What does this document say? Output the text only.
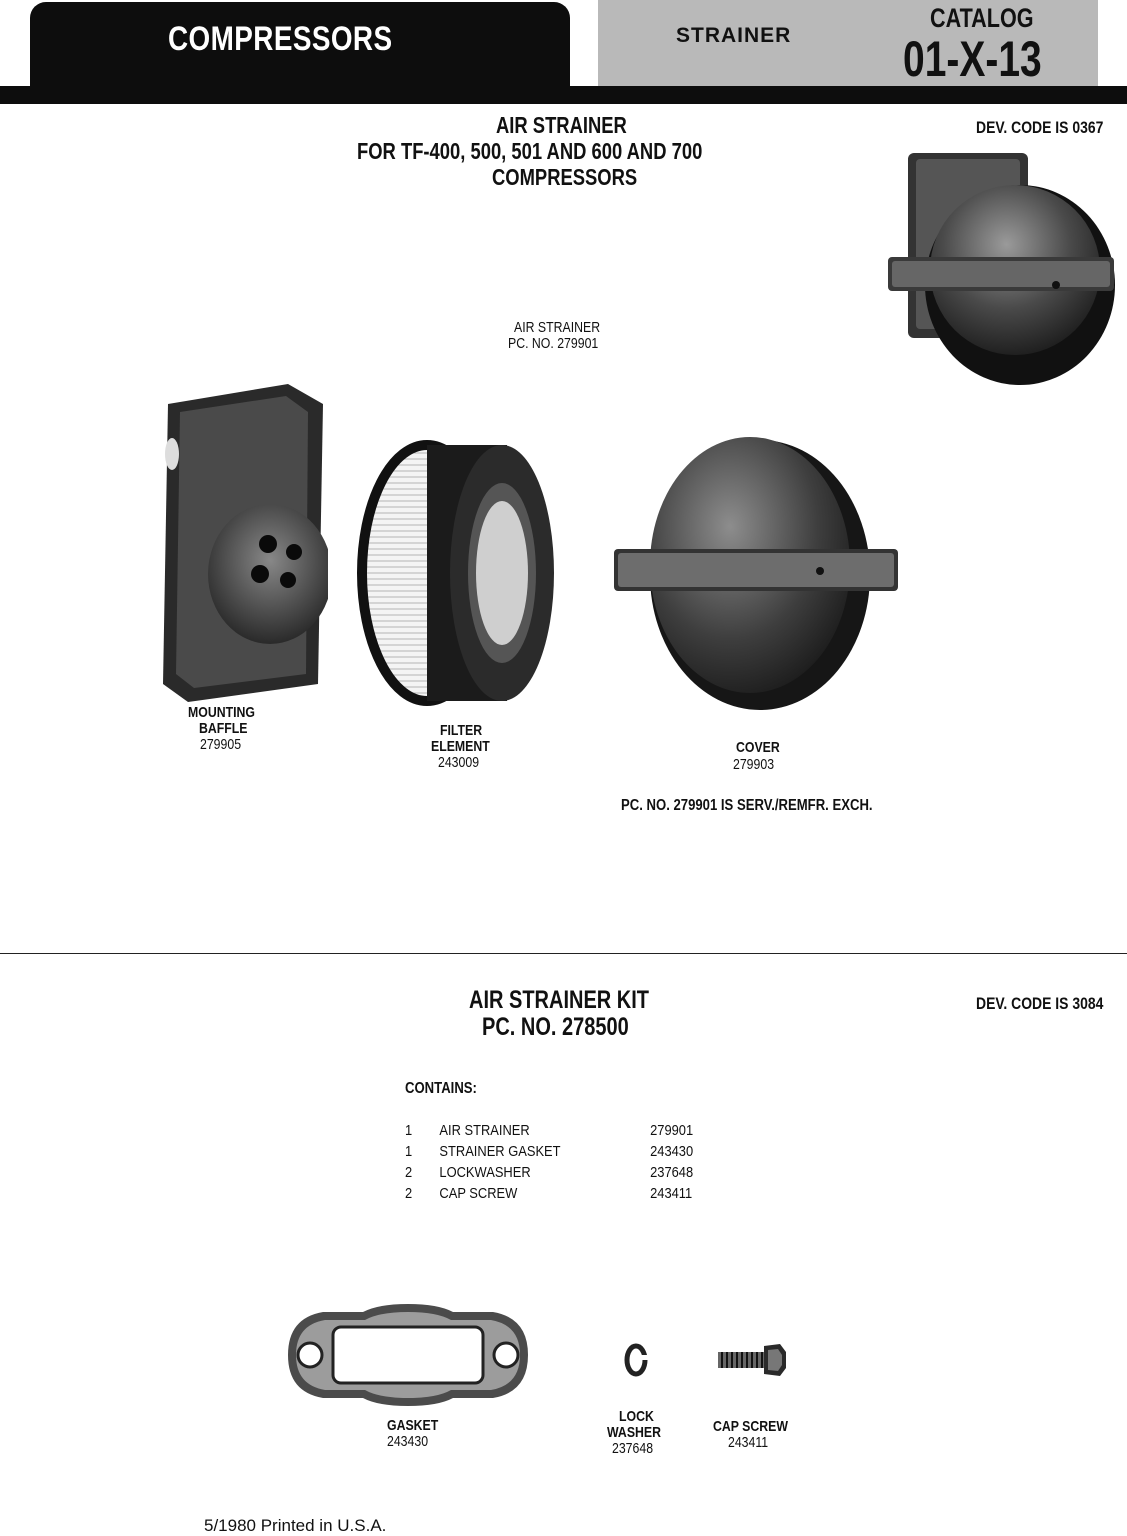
COMPRESSORS	STRAINER
CATALOG
01-X-13
AIR STRAINER
FOR TF-400, 500, 501 AND 600 AND 700
COMPRESSORS
DEV. CODE IS 0367
AIR STRAINER
PC. NO. 279901
MOUNTING
BAFFLE
279905
FILTER
ELEMENT
243009
COVER
279903
PC. NO. 279901 IS SERV./REMFR. EXCH.
AIR STRAINER KIT
PC. NO. 278500
DEV. CODE IS 3084
CONTAINS:
1 AIR STRAINER	279901
1 STRAINER GASKET	243430
2 LOCKWASHER	237648
2 CAP SCREW	243411
GASKET
243430
LOCK
WASHER
237648
CAP SCREW
243411
5/1980 Printed in U.S.A.
